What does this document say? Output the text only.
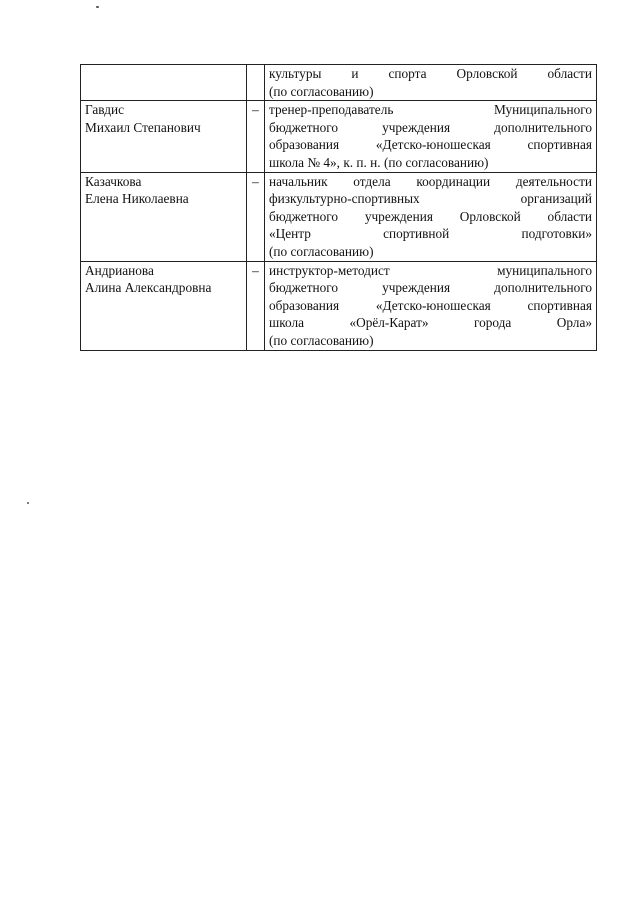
		культуры и спорта Орловской области
(по согласованию)

Гавдис
Михаил Степанович	–	тренер-преподаватель Муниципального
бюджетного учреждения дополнительного
образования «Детско-юношеская спортивная
школа № 4», к. п. н. (по согласованию)

Казачкова
Елена Николаевна	–	начальник отдела координации деятельности
физкультурно-спортивных организаций
бюджетного учреждения Орловской области
«Центр спортивной подготовки»
(по согласованию)

Андрианова
Алина Александровна	–	инструктор-методист муниципального
бюджетного учреждения дополнительного
образования «Детско-юношеская спортивная
школа «Орёл-Карат» города Орла»
(по согласованию)
